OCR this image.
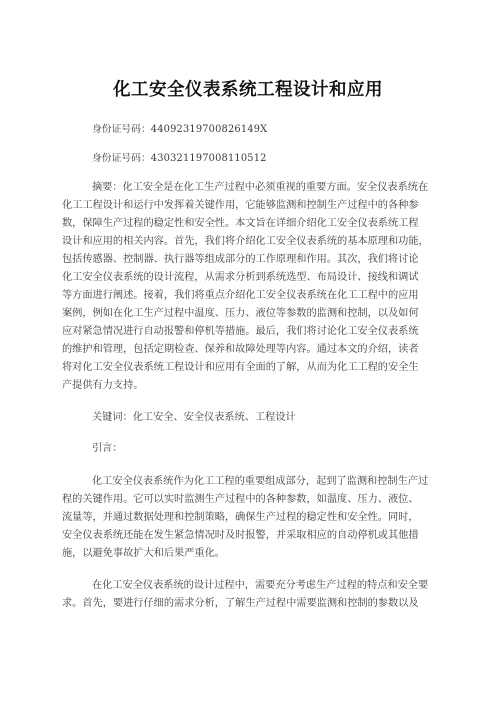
化工安全仪表系统工程设计和应用
身份证号码：44092319700826149X
身份证号码：430321197008110512
摘要：化工安全是在化工生产过程中必须重视的重要方面。安全仪表系统在
化工工程设计和运行中发挥着关键作用，它能够监测和控制生产过程中的各种参
数，保障生产过程的稳定性和安全性。本文旨在详细介绍化工安全仪表系统工程
设计和应用的相关内容。首先，我们将介绍化工安全仪表系统的基本原理和功能，
包括传感器、控制器、执行器等组成部分的工作原理和作用。其次，我们将讨论
化工安全仪表系统的设计流程，从需求分析到系统选型、布局设计、接线和调试
等方面进行阐述。接着，我们将重点介绍化工安全仪表系统在化工工程中的应用
案例，例如在化工生产过程中温度、压力、液位等参数的监测和控制，以及如何
应对紧急情况进行自动报警和停机等措施。最后，我们将讨论化工安全仪表系统
的维护和管理，包括定期检查、保养和故障处理等内容。通过本文的介绍，读者
将对化工安全仪表系统工程设计和应用有全面的了解，从而为化工工程的安全生
产提供有力支持。
关键词：化工安全、安全仪表系统、工程设计
引言：
化工安全仪表系统作为化工工程的重要组成部分，起到了监测和控制生产过
程的关键作用。它可以实时监测生产过程中的各种参数，如温度、压力、液位、
流量等，并通过数据处理和控制策略，确保生产过程的稳定性和安全性。同时，
安全仪表系统还能在发生紧急情况时及时报警，并采取相应的自动停机或其他措
施，以避免事故扩大和后果严重化。
在化工安全仪表系统的设计过程中，需要充分考虑生产过程的特点和安全要
求。首先，要进行仔细的需求分析，了解生产过程中需要监测和控制的参数以及
